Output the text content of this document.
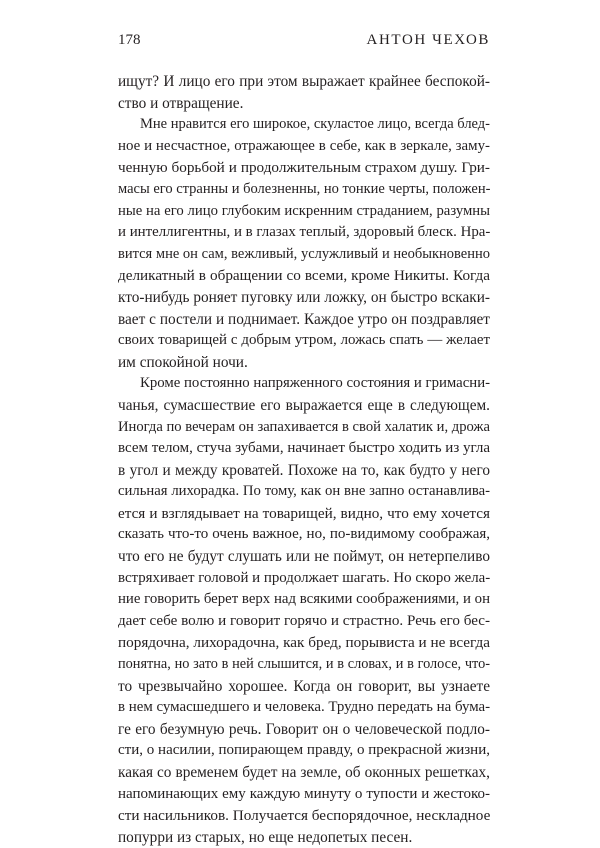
178	АНТОН ЧЕХОВ
ищут? И лицо его при этом выражает крайнее беспокой-
ство и отвращение.
Мне нравится его широкое, скуластое лицо, всегда блед-
ное и несчастное, отражающее в себе, как в зеркале, заму-
ченную борьбой и продолжительным страхом душу. Гри-
масы его странны и болезненны, но тонкие черты, положен-
ные на его лицо глубоким искренним страданием, разумны
и интеллигентны, и в глазах теплый, здоровый блеск. Нра-
вится мне он сам, вежливый, услужливый и необыкновенно
деликатный в обращении со всеми, кроме Никиты. Когда
кто-нибудь роняет пуговку или ложку, он быстро вскаки-
вает с постели и поднимает. Каждое утро он поздравляет
своих товарищей с добрым утром, ложась спать — желает
им спокойной ночи.
Кроме постоянно напряженного состояния и гримасни-
чанья, сумасшествие его выражается еще в следующем.
Иногда по вечерам он запахивается в свой халатик и, дрожа
всем телом, стуча зубами, начинает быстро ходить из угла
в угол и между кроватей. Похоже на то, как будто у него
сильная лихорадка. По тому, как он вне запно останавлива-
ется и взглядывает на товарищей, видно, что ему хочется
сказать что-то очень важное, но, по-видимому соображая,
что его не будут слушать или не поймут, он нетерпеливо
встряхивает головой и продолжает шагать. Но скоро жела-
ние говорить берет верх над всякими соображениями, и он
дает себе волю и говорит горячо и страстно. Речь его бес-
порядочна, лихорадочна, как бред, порывиста и не всегда
понятна, но зато в ней слышится, и в словах, и в голосе, что-
то чрезвычайно хорошее. Когда он говорит, вы узнаете
в нем сумасшедшего и человека. Трудно передать на бума-
ге его безумную речь. Говорит он о человеческой подло-
сти, о насилии, попирающем правду, о прекрасной жизни,
какая со временем будет на земле, об оконных решетках,
напоминающих ему каждую минуту о тупости и жестоко-
сти насильников. Получается беспорядочное, нескладное
попурри из старых, но еще недопетых песен.
